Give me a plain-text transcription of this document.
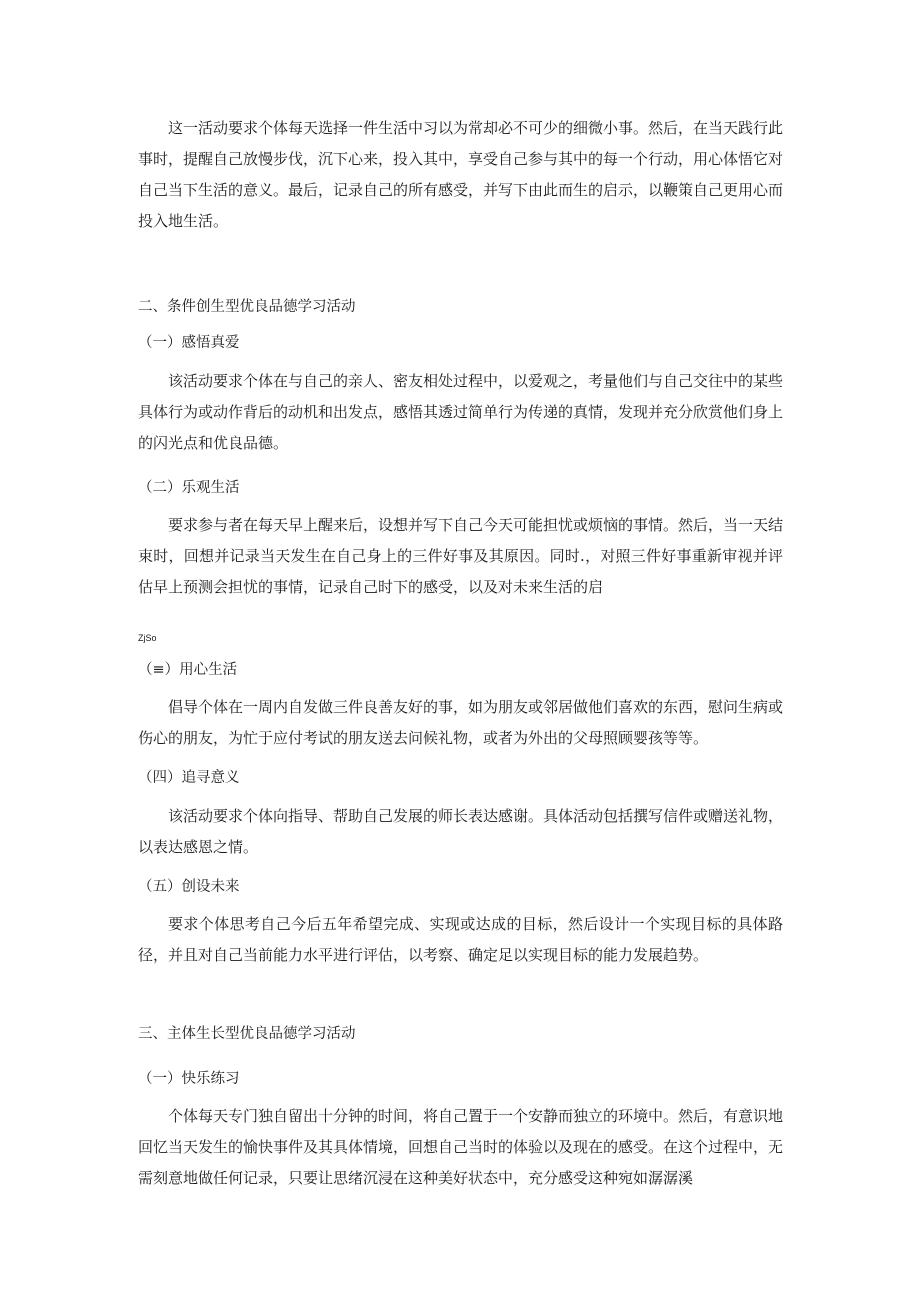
这一活动要求个体每天选择一件生活中习以为常却必不可少的细微小事。然后，在当天践行此事时，提醒自己放慢步伐，沉下心来，投入其中，享受自己参与其中的每一个行动，用心体悟它对自己当下生活的意义。最后，记录自己的所有感受，并写下由此而生的启示，以鞭策自己更用心而投入地生活。

二、条件创生型优良品德学习活动

（一）感悟真爱

该活动要求个体在与自己的亲人、密友相处过程中，以爱观之，考量他们与自己交往中的某些具体行为或动作背后的动机和出发点，感悟其透过简单行为传递的真情，发现并充分欣赏他们身上的闪光点和优良品德。

（二）乐观生活

要求参与者在每天早上醒来后，设想并写下自己今天可能担忧或烦恼的事情。然后，当一天结束时，回想并记录当天发生在自己身上的三件好事及其原因。同时.，对照三件好事重新审视并评估早上预测会担忧的事情，记录自己时下的感受，以及对未来生活的启

ZjSo

（≡）用心生活

倡导个体在一周内自发做三件良善友好的事，如为朋友或邻居做他们喜欢的东西，慰问生病或伤心的朋友，为忙于应付考试的朋友送去问候礼物，或者为外出的父母照顾婴孩等等。

（四）追寻意义

该活动要求个体向指导、帮助自己发展的师长表达感谢。具体活动包括撰写信件或赠送礼物，以表达感恩之情。

（五）创设未来

要求个体思考自己今后五年希望完成、实现或达成的目标，然后设计一个实现目标的具体路径，并且对自己当前能力水平进行评估，以考察、确定足以实现目标的能力发展趋势。

三、主体生长型优良品德学习活动

（一）快乐练习

个体每天专门独自留出十分钟的时间，将自己置于一个安静而独立的环境中。然后，有意识地回忆当天发生的愉快事件及其具体情境，回想自己当时的体验以及现在的感受。在这个过程中，无需刻意地做任何记录，只要让思绪沉浸在这种美好状态中，充分感受这种宛如潺潺溪
